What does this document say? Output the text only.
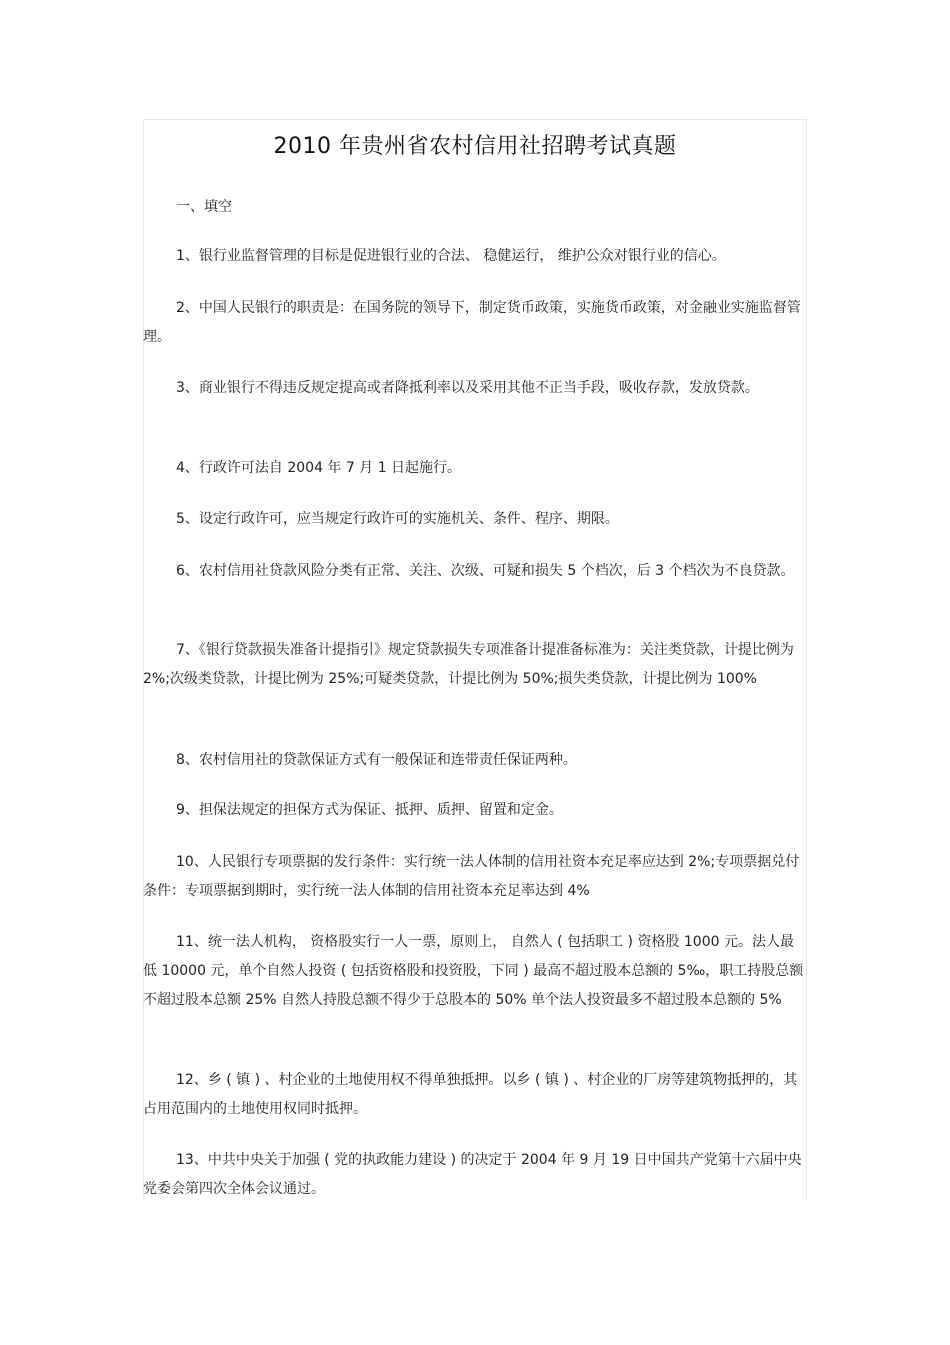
2010 年贵州省农村信用社招聘考试真题
一、填空

1、银行业监督管理的目标是促进银行业的合法、 稳健运行， 维护公众对银行业的信心。

2、中国人民银行的职责是：在国务院的领导下，制定货币政策，实施货币政策，对金融业实施监督管理。

3、商业银行不得违反规定提高或者降抵利率以及采用其他不正当手段，吸收存款，发放贷款。

4、行政许可法自 2004 年 7 月 1 日起施行。

5、设定行政许可，应当规定行政许可的实施机关、条件、程序、期限。

6、农村信用社贷款风险分类有正常、关注、次级、可疑和损失 5 个档次，后 3 个档次为不良贷款。

7、《银行贷款损失准备计提指引》规定贷款损失专项准备计提准备标准为：关注类贷款，计提比例为 2%;次级类贷款，计提比例为 25%;可疑类贷款，计提比例为 50%;损失类贷款，计提比例为 100%

8、农村信用社的贷款保证方式有一般保证和连带责任保证两种。

9、担保法规定的担保方式为保证、抵押、质押、留置和定金。

10、人民银行专项票据的发行条件：实行统一法人体制的信用社资本充足率应达到 2%;专项票据兑付条件：专项票据到期时，实行统一法人体制的信用社资本充足率达到 4%

11、统一法人机构， 资格股实行一人一票，原则上， 自然人 ( 包括职工 ) 资格股 1000 元。法人最低 10000 元，单个自然人投资 ( 包括资格股和投资股，下同 ) 最高不超过股本总额的 5‰，职工持股总额不超过股本总额 25% 自然人持股总额不得少于总股本的 50% 单个法人投资最多不超过股本总额的 5%

12、乡 ( 镇 ) 、村企业的土地使用权不得单独抵押。以乡 ( 镇 ) 、村企业的厂房等建筑物抵押的，其占用范围内的土地使用权同时抵押。

13、中共中央关于加强 ( 党的执政能力建设 ) 的决定于 2004 年 9 月 19 日中国共产党第十六届中央党委会第四次全体会议通过。
